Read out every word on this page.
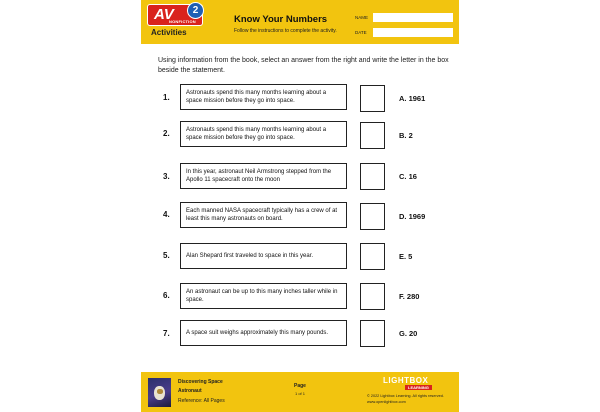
AV	2
NONFICTION
Activities
Know Your Numbers
Follow the instructions to complete the activity.
NAME
DATE
Using information from the book, select an answer from the right and write the letter in the box beside the statement.
1.	Astronauts spend this many months learning about a space mission before they go into space.	A. 1961
2.	Astronauts spend this many months learning about a space mission before they go into space.	B. 2
3.	In this year, astronaut Neil Armstrong stepped from the Apollo 11 spacecraft onto the moon	C. 16
4.	Each manned NASA spacecraft typically has a crew of at least this many astronauts on board.	D. 1969
5.	Alan Shepard first traveled to space in this year.	E. 5
6.	An astronaut can be up to this many inches taller while in space.	F. 280
7.	A space suit weighs approximately this many pounds.	G. 20
Discovering Space
Astronaut
Reference: All Pages
Page
1 of 1
LIGHTBOX
LEARNING
© 2022 Lightbox Learning. All rights reserved.
www.openlightbox.com
